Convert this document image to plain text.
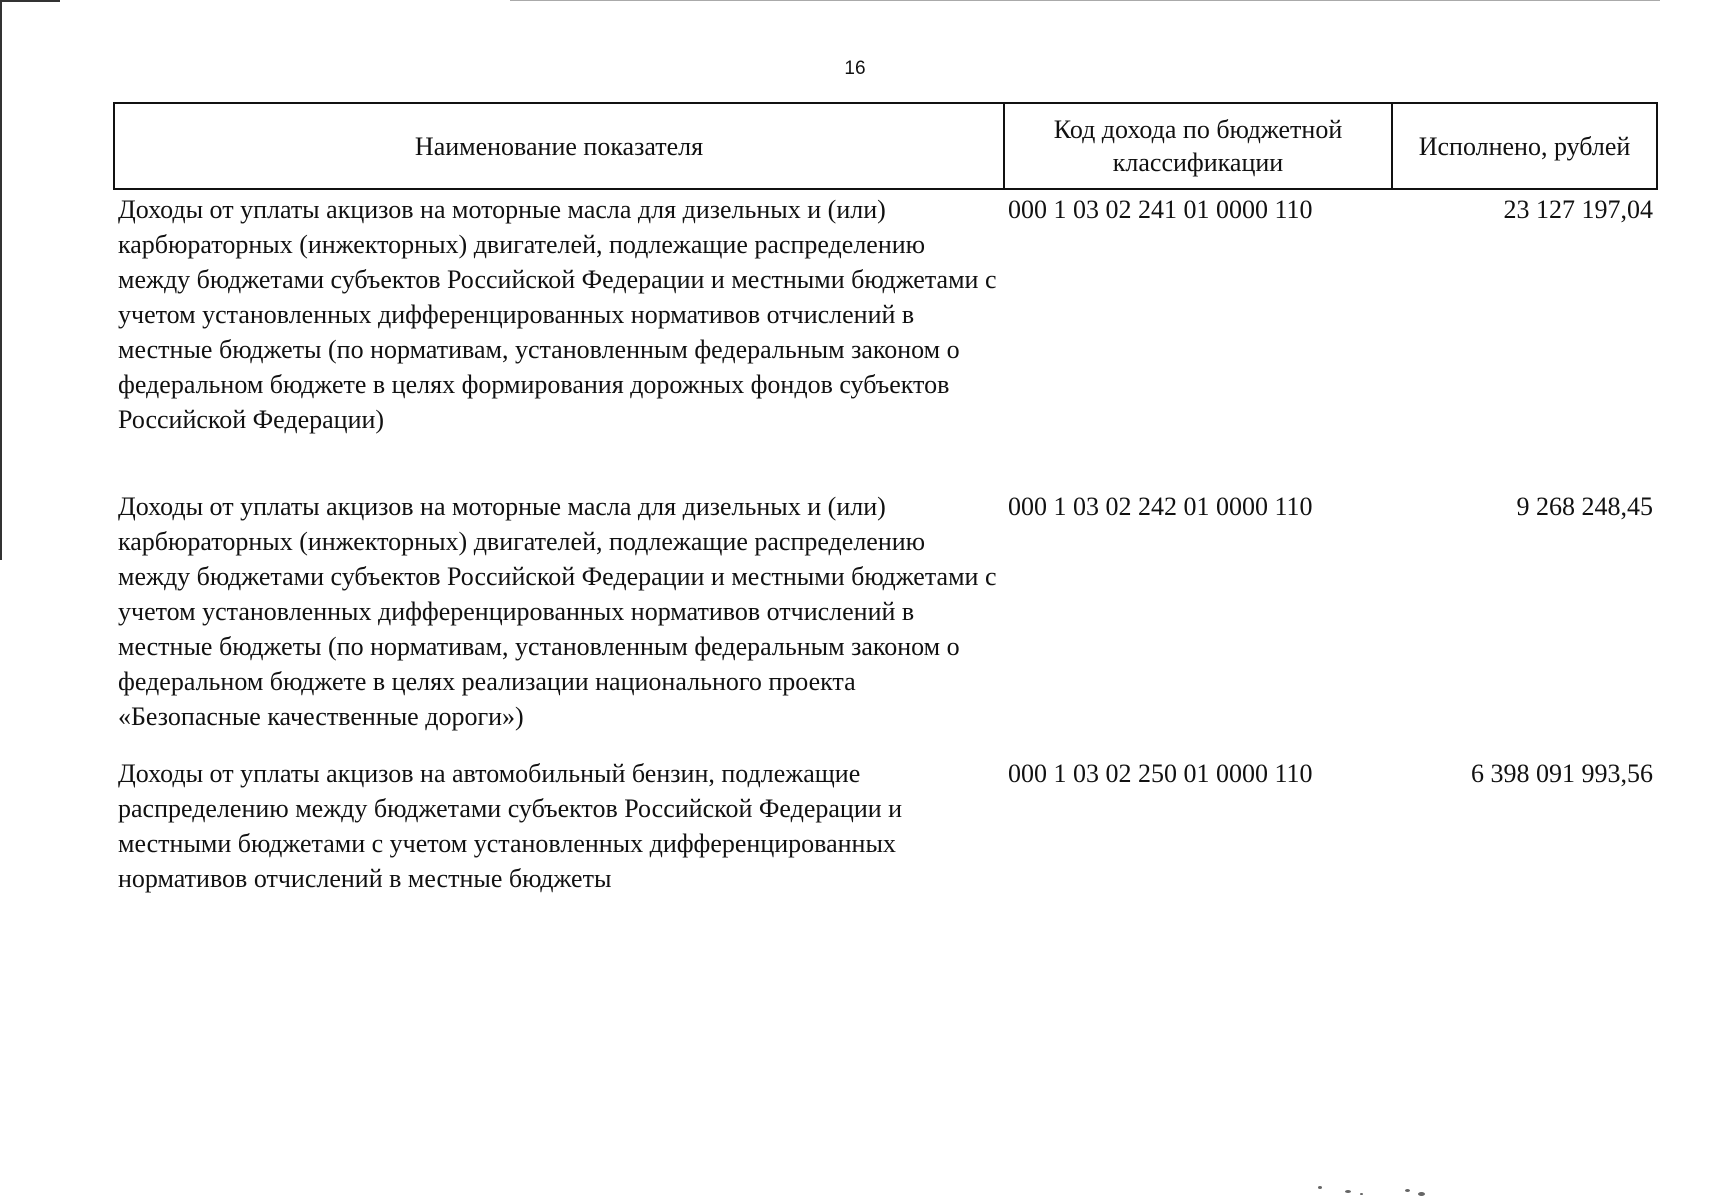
16
Наименование показателя	Код дохода по бюджетной классификации	Исполнено, рублей
Доходы от уплаты акцизов на моторные масла для дизельных и (или) карбюраторных (инжекторных) двигателей, подлежащие распределению между бюджетами субъектов Российской Федерации и местными бюджетами с учетом установленных дифференцированных нормативов отчислений в местные бюджеты (по нормативам, установленным федеральным законом о федеральном бюджете в целях формирования дорожных фондов субъектов Российской Федерации)	000 1 03 02 241 01 0000 110	23 127 197,04
Доходы от уплаты акцизов на моторные масла для дизельных и (или) карбюраторных (инжекторных) двигателей, подлежащие распределению между бюджетами субъектов Российской Федерации и местными бюджетами с учетом установленных дифференцированных нормативов отчислений в местные бюджеты (по нормативам, установленным федеральным законом о федеральном бюджете в целях реализации национального проекта «Безопасные качественные дороги»)	000 1 03 02 242 01 0000 110	9 268 248,45
Доходы от уплаты акцизов на автомобильный бензин, подлежащие распределению между бюджетами субъектов Российской Федерации и местными бюджетами с учетом установленных дифференцированных нормативов отчислений в местные бюджеты	000 1 03 02 250 01 0000 110	6 398 091 993,56
